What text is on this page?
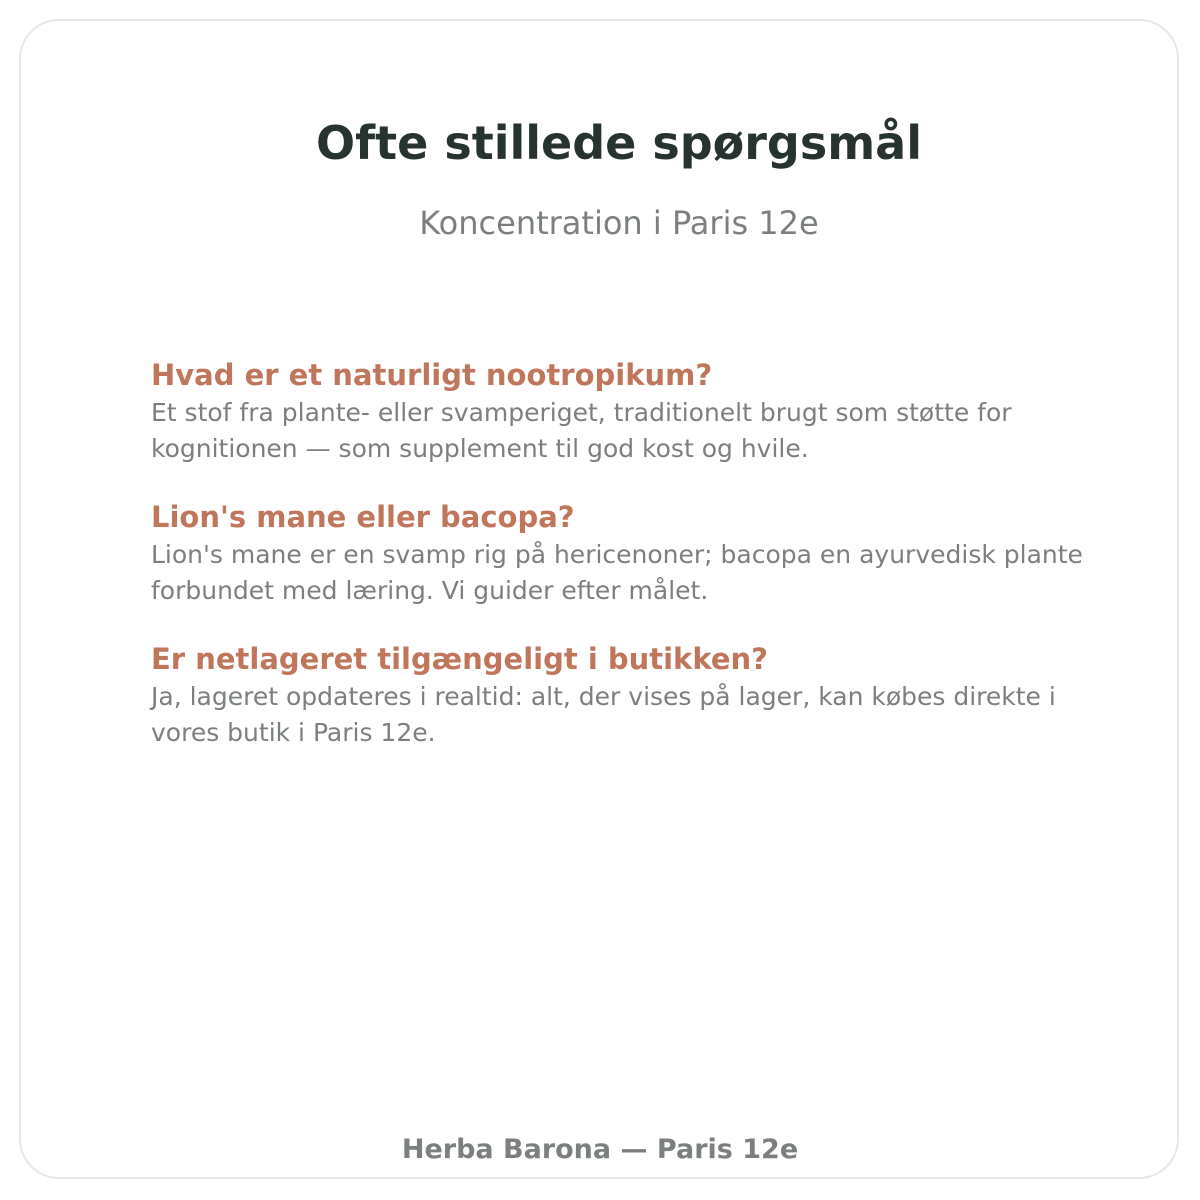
Ofte stillede spørgsmål

Koncentration i Paris 12e

Hvad er et naturligt nootropikum?

Et stof fra plante- eller svamperiget, traditionelt brugt som støtte for kognitionen — som supplement til god kost og hvile.

Lion's mane eller bacopa?

Lion's mane er en svamp rig på hericenoner; bacopa en ayurvedisk plante forbundet med læring. Vi guider efter målet.

Er netlageret tilgængeligt i butikken?

Ja, lageret opdateres i realtid: alt, der vises på lager, kan købes direkte i vores butik i Paris 12e.

Herba Barona — Paris 12e
